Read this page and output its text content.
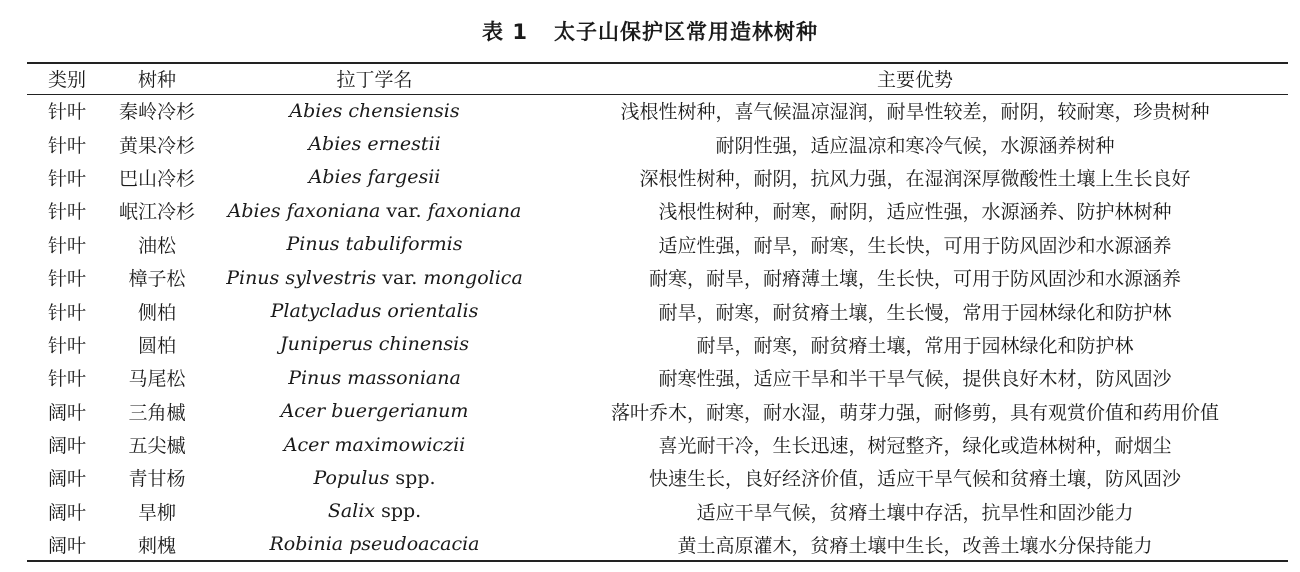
表 1 太子山保护区常用造林树种
类别	树种	拉丁学名	主要优势
针叶	秦岭冷杉	Abies chensiensis	浅根性树种，喜气候温凉湿润，耐旱性较差，耐阴，较耐寒，珍贵树种
针叶	黄果冷杉	Abies ernestii	耐阴性强，适应温凉和寒冷气候，水源涵养树种
针叶	巴山冷杉	Abies fargesii	深根性树种，耐阴，抗风力强，在湿润深厚微酸性土壤上生长良好
针叶	岷江冷杉	Abies faxoniana var. faxoniana	浅根性树种，耐寒，耐阴，适应性强，水源涵养、防护林树种
针叶	油松	Pinus tabuliformis	适应性强，耐旱，耐寒，生长快，可用于防风固沙和水源涵养
针叶	樟子松	Pinus sylvestris var. mongolica	耐寒，耐旱，耐瘠薄土壤，生长快，可用于防风固沙和水源涵养
针叶	侧柏	Platycladus orientalis	耐旱，耐寒，耐贫瘠土壤，生长慢，常用于园林绿化和防护林
针叶	圆柏	Juniperus chinensis	耐旱，耐寒，耐贫瘠土壤，常用于园林绿化和防护林
针叶	马尾松	Pinus massoniana	耐寒性强，适应干旱和半干旱气候，提供良好木材，防风固沙
阔叶	三角槭	Acer buergerianum	落叶乔木，耐寒，耐水湿，萌芽力强，耐修剪，具有观赏价值和药用价值
阔叶	五尖槭	Acer maximowiczii	喜光耐干冷，生长迅速，树冠整齐，绿化或造林树种，耐烟尘
阔叶	青甘杨	Populus spp.	快速生长，良好经济价值，适应干旱气候和贫瘠土壤，防风固沙
阔叶	旱柳	Salix spp.	适应干旱气候，贫瘠土壤中存活，抗旱性和固沙能力
阔叶	刺槐	Robinia pseudoacacia	黄土高原灌木，贫瘠土壤中生长，改善土壤水分保持能力
